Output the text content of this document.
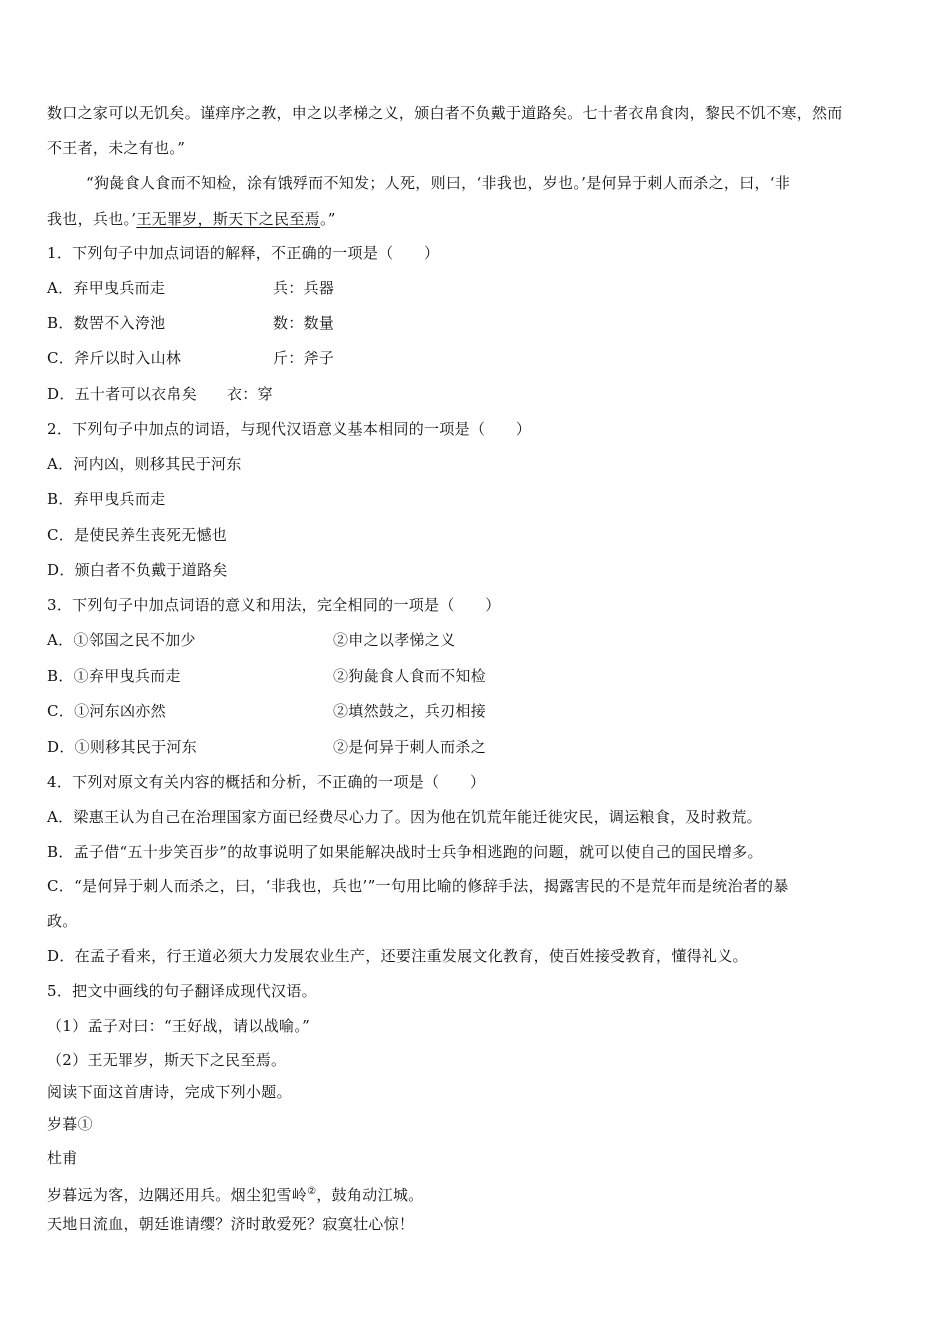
数口之家可以无饥矣。谨痒序之教，申之以孝梯之义，颁白者不负戴于道路矣。七十者衣帛食肉，黎民不饥不寒，然而
不王者，未之有也。”
“狗彘食人食而不知检，涂有饿殍而不知发；人死，则曰，‘非我也，岁也。’是何异于刺人而杀之，曰，‘非
我也，兵也。’王无罪岁，斯天下之民至焉。”
1．下列句子中加点词语的解释，不正确的一项是（　　）
A．弃甲曳兵而走	兵：兵器
B．数罟不入洿池	数：数量
C．斧斤以时入山林	斤：斧子
D．五十者可以衣帛矣 衣：穿
2．下列句子中加点的词语，与现代汉语意义基本相同的一项是（　　）
A．河内凶，则移其民于河东
B．弃甲曳兵而走
C．是使民养生丧死无憾也
D．颁白者不负戴于道路矣
3．下列句子中加点词语的意义和用法，完全相同的一项是（　　）
A．①邻国之民不加少	②申之以孝悌之义
B．①弃甲曳兵而走	②狗彘食人食而不知检
C．①河东凶亦然	②填然鼓之，兵刃相接
D．①则移其民于河东	②是何异于刺人而杀之
4．下列对原文有关内容的概括和分析，不正确的一项是（　　）
A．梁惠王认为自己在治理国家方面已经费尽心力了。因为他在饥荒年能迁徙灾民，调运粮食，及时救荒。
B．孟子借“五十步笑百步”的故事说明了如果能解决战时士兵争相逃跑的问题，就可以使自己的国民增多。
C．“是何异于刺人而杀之，曰，‘非我也，兵也’”一句用比喻的修辞手法，揭露害民的不是荒年而是统治者的暴
政。
D．在孟子看来，行王道必须大力发展农业生产，还要注重发展文化教育，使百姓接受教育，懂得礼义。
5．把文中画线的句子翻译成现代汉语。
（1）孟子对曰：“王好战，请以战喻。”
（2）王无罪岁，斯天下之民至焉。
阅读下面这首唐诗，完成下列小题。
岁暮①
杜甫
岁暮远为客，边隅还用兵。烟尘犯雪岭②，鼓角动江城。
天地日流血，朝廷谁请缨？济时敢爱死？寂寞壮心惊！
